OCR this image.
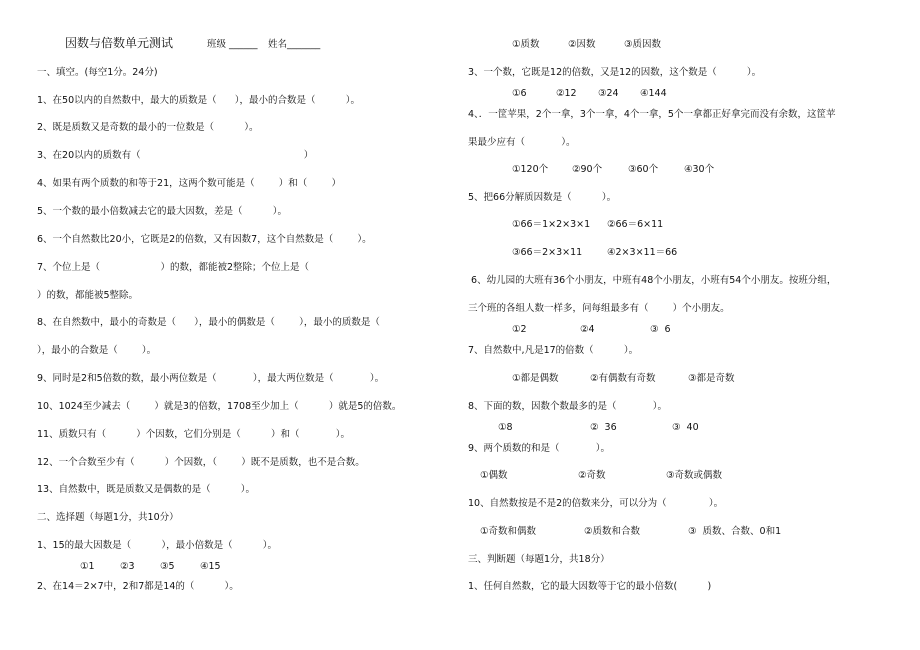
因数与倍数单元测试	班级 ______ 姓名_______
一、填空。(每空1分。24分)
1、在50以内的自然数中，最大的质数是（      ），最小的合数是（          ）。
2、既是质数又是奇数的最小的一位数是（          ）。
3、在20以内的质数有（                                                      ）
4、如果有两个质数的和等于21，这两个数可能是（        ）和（        ）
5、一个数的最小倍数减去它的最大因数，差是（          ）。
6、一个自然数比20小，它既是2的倍数，又有因数7，这个自然数是（        ）。
7、个位上是（                    ）的数，都能被2整除；个位上是（
）的数，都能被5整除。
8、在自然数中，最小的奇数是（      ），最小的偶数是（        ），最小的质数是（
），最小的合数是（        ）。
9、同时是2和5倍数的数，最小两位数是（            ），最大两位数是（            ）。
10、1024至少减去（        ）就是3的倍数，1708至少加上（          ）就是5的倍数。
11、质数只有（          ）个因数，它们分别是（          ）和（            ）。
12、一个合数至少有（          ）个因数，（        ）既不是质数，也不是合数。
13、自然数中，既是质数又是偶数的是（          ）。
二、选择题（每题1分，共10分）
1、15的最大因数是（          ），最小倍数是（          ）。
①1	②3	③5	④15
2、在14＝2×7中，2和7都是14的（          ）。
①质数	②因数	③质因数
3、一个数，它既是12的倍数，又是12的因数，这个数是（          ）。
①6	②12 ③24 ④144
4、．一筐苹果，2个一拿，3个一拿，4个一拿，5个一拿都正好拿完而没有余数，这筐苹
果最少应有（            ）。
①120个	②90个	③60个	④30个
5、把66分解质因数是（          ）。
①66＝1×2×3×1 ②66＝6×11
③66＝2×3×11	④2×3×11＝66
6、幼儿园的大班有36个小朋友，中班有48个小朋友，小班有54个小朋友。按班分组，
三个班的各组人数一样多，问每组最多有（        ）个小朋友。
①2	②4	③  6
7、自然数中,凡是17的倍数（          ）。
①都是偶数	②有偶数有奇数	③都是奇数
8、下面的数，因数个数最多的是（            ）。
①8	②  36	③  40
9、两个质数的和是（            ）。
①偶数	②奇数	③奇数或偶数
10、自然数按是不是2的倍数来分，可以分为（              ）。
①奇数和偶数	②质数和合数	③  质数、合数、0和1
三、判断题（每题1分，共18分）
1、任何自然数，它的最大因数等于它的最小倍数(          )
